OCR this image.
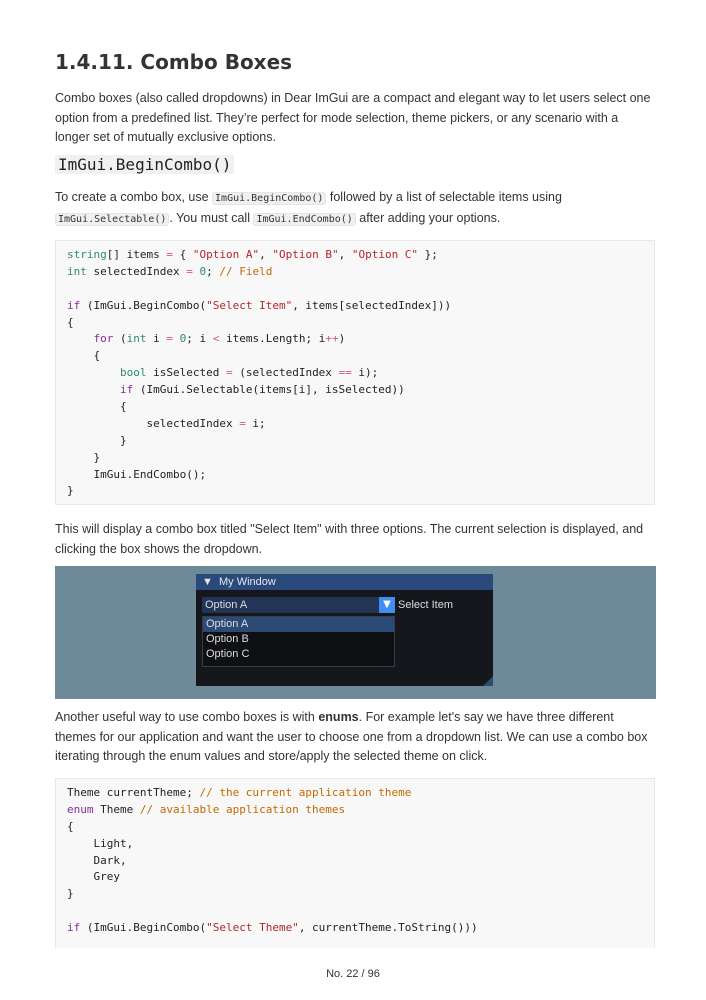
1.4.11. Combo Boxes

Combo boxes (also called dropdowns) in Dear ImGui are a compact and elegant way to let users select one option from a predefined list. They’re perfect for mode selection, theme pickers, or any scenario with a longer set of mutually exclusive options.

ImGui.BeginCombo()

To create a combo box, use ImGui.BeginCombo() followed by a list of selectable items using
ImGui.Selectable() . You must call ImGui.EndCombo() after adding your options.

string[] items = { "Option A", "Option B", "Option C" };
int selectedIndex = 0; // Field
if (ImGui.BeginCombo("Select Item", items[selectedIndex]))
{
for (int i = 0; i < items.Length; i++)
{
bool isSelected = (selectedIndex == i);
if (ImGui.Selectable(items[i], isSelected))
{
selectedIndex = i;
}
}
ImGui.EndCombo();
}

This will display a combo box titled "Select Item" with three options. The current selection is displayed, and clicking the box shows the dropdown.

▼ My Window
Option A	▼ Select Item
Option A
Option B
Option C

Another useful way to use combo boxes is with enums. For example let's say we have three different themes for our application and want the user to choose one from a dropdown list. We can use a combo box iterating through the enum values and store/apply the selected theme on click.

Theme currentTheme; // the current application theme
enum Theme // available application themes
{
Light,
Dark,
Grey
}
if (ImGui.BeginCombo("Select Theme", currentTheme.ToString()))
No. 22 / 96
